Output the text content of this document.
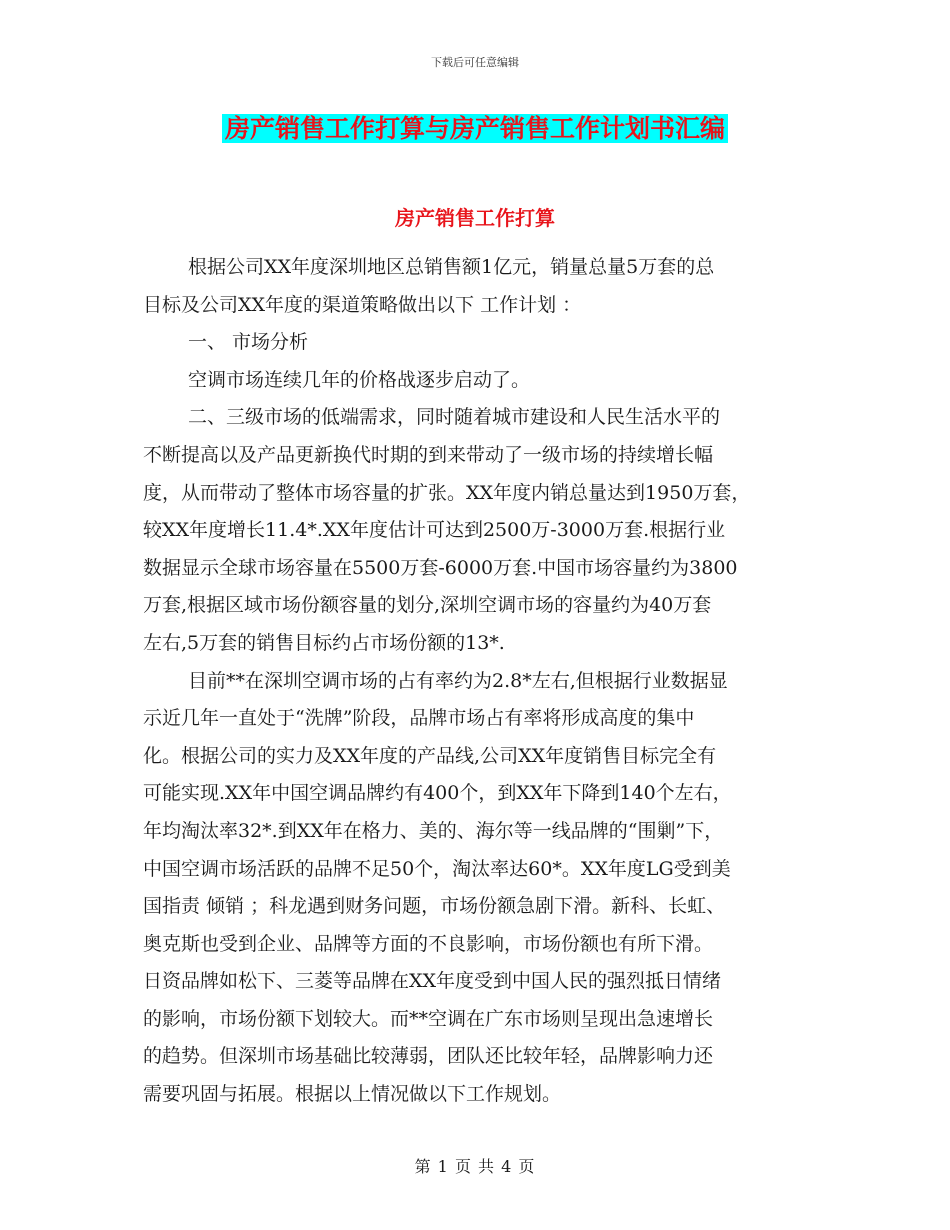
下载后可任意编辑
房产销售工作打算与房产销售工作计划书汇编
房产销售工作打算
根据公司XX年度深圳地区总销售额1亿元，销量总量5万套的总
目标及公司XX年度的渠道策略做出以下 工作计划 ：
一、 市场分析
空调市场连续几年的价格战逐步启动了。
二、三级市场的低端需求，同时随着城市建设和人民生活水平的
不断提高以及产品更新换代时期的到来带动了一级市场的持续增长幅
度，从而带动了整体市场容量的扩张。XX年度内销总量达到1950万套，
较XX年度增长11.4*.XX年度估计可达到2500万-3000万套.根据行业
数据显示全球市场容量在5500万套-6000万套.中国市场容量约为3800
万套,根据区域市场份额容量的划分,深圳空调市场的容量约为40万套
左右,5万套的销售目标约占市场份额的13*.
目前**在深圳空调市场的占有率约为2.8*左右,但根据行业数据显
示近几年一直处于“洗牌”阶段，品牌市场占有率将形成高度的集中
化。根据公司的实力及XX年度的产品线,公司XX年度销售目标完全有
可能实现.XX年中国空调品牌约有400个，到XX年下降到140个左右，
年均淘汰率32*.到XX年在格力、美的、海尔等一线品牌的“围剿”下，
中国空调市场活跃的品牌不足50个，淘汰率达60*。XX年度LG受到美
国指责 倾销 ；科龙遇到财务问题，市场份额急剧下滑。新科、长虹、
奥克斯也受到企业、品牌等方面的不良影响，市场份额也有所下滑。
日资品牌如松下、三菱等品牌在XX年度受到中国人民的强烈抵日情绪
的影响，市场份额下划较大。而**空调在广东市场则呈现出急速增长
的趋势。但深圳市场基础比较薄弱，团队还比较年轻，品牌影响力还
需要巩固与拓展。根据以上情况做以下工作规划。
第 1 页 共 4 页
